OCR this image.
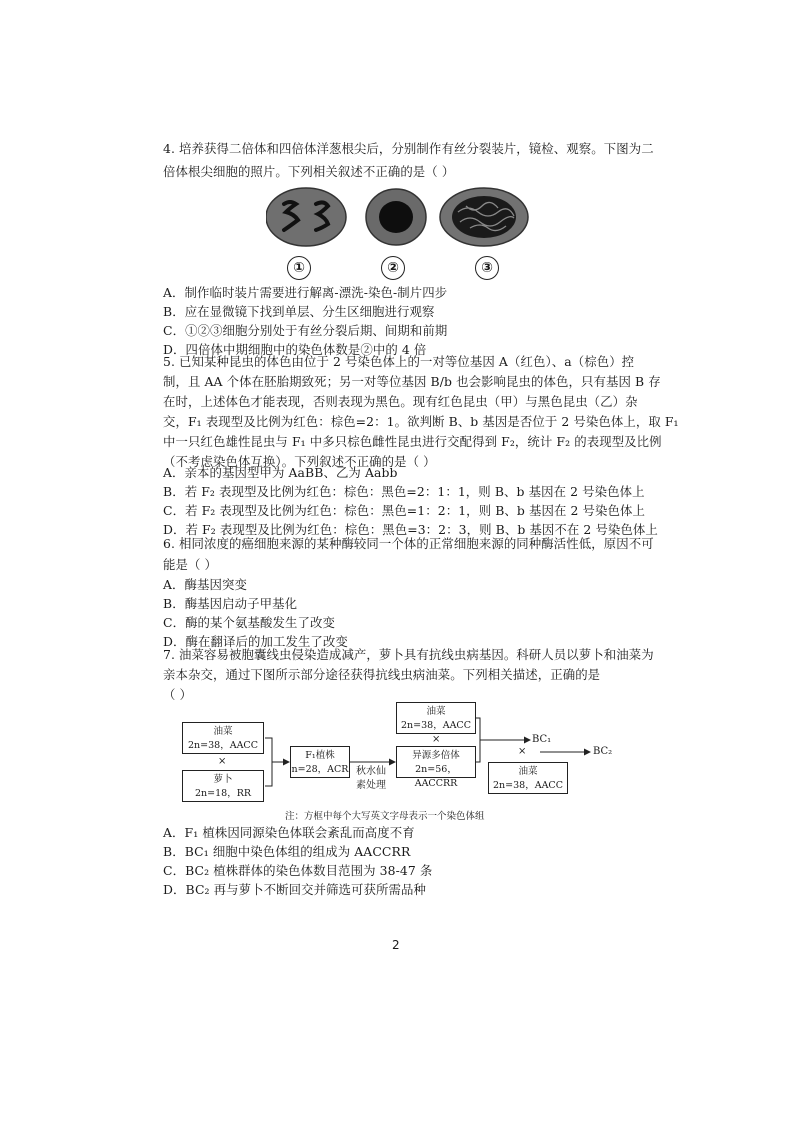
4. 培养获得二倍体和四倍体洋葱根尖后，分别制作有丝分裂装片，镜检、观察。下图为二
倍体根尖细胞的照片。下列相关叙述不正确的是（ ）
①	②	③
A．制作临时装片需要进行解离-漂洗-染色-制片四步
B．应在显微镜下找到单层、分生区细胞进行观察
C．①②③细胞分别处于有丝分裂后期、间期和前期
D．四倍体中期细胞中的染色体数是②中的 4 倍
5. 已知某种昆虫的体色由位于 2 号染色体上的一对等位基因 A（红色）、a（棕色）控
制，且 AA 个体在胚胎期致死；另一对等位基因 B/b 也会影响昆虫的体色，只有基因 B 存
在时，上述体色才能表现，否则表现为黑色。现有红色昆虫（甲）与黑色昆虫（乙）杂
交，F₁ 表现型及比例为红色：棕色=2：1。欲判断 B、b 基因是否位于 2 号染色体上，取 F₁
中一只红色雄性昆虫与 F₁ 中多只棕色雌性昆虫进行交配得到 F₂，统计 F₂ 的表现型及比例
（不考虑染色体互换）。下列叙述不正确的是（ ）
A．亲本的基因型甲为 AaBB、乙为 Aabb
B．若 F₂ 表现型及比例为红色：棕色：黑色=2：1：1，则 B、b 基因在 2 号染色体上
C．若 F₂ 表现型及比例为红色：棕色：黑色=1：2：1，则 B、b 基因在 2 号染色体上
D．若 F₂ 表现型及比例为红色：棕色：黑色=3：2：3，则 B、b 基因不在 2 号染色体上
6. 相同浓度的癌细胞来源的某种酶较同一个体的正常细胞来源的同种酶活性低，原因不可
能是（ ）
A．酶基因突变
B．酶基因启动子甲基化
C．酶的某个氨基酸发生了改变
D．酶在翻译后的加工发生了改变
7. 油菜容易被胞囊线虫侵染造成减产，萝卜具有抗线虫病基因。科研人员以萝卜和油菜为
亲本杂交，通过下图所示部分途径获得抗线虫病油菜。下列相关描述，正确的是
（ ）
油菜
2n=38，AACC
×
萝卜
2n=18，RR
F₁植株
n=28，ACR 秋水仙
素处理
油菜
2n=38，AACC
×
异源多倍体
2n=56，AACCRR
BC₁
×	BC₂
油菜
2n=38，AACC
注：方框中每个大写英文字母表示一个染色体组
A．F₁ 植株因同源染色体联会紊乱而高度不育
B．BC₁ 细胞中染色体组的组成为 AACCRR
C．BC₂ 植株群体的染色体数目范围为 38-47 条
D．BC₂ 再与萝卜不断回交并筛选可获所需品种
2
